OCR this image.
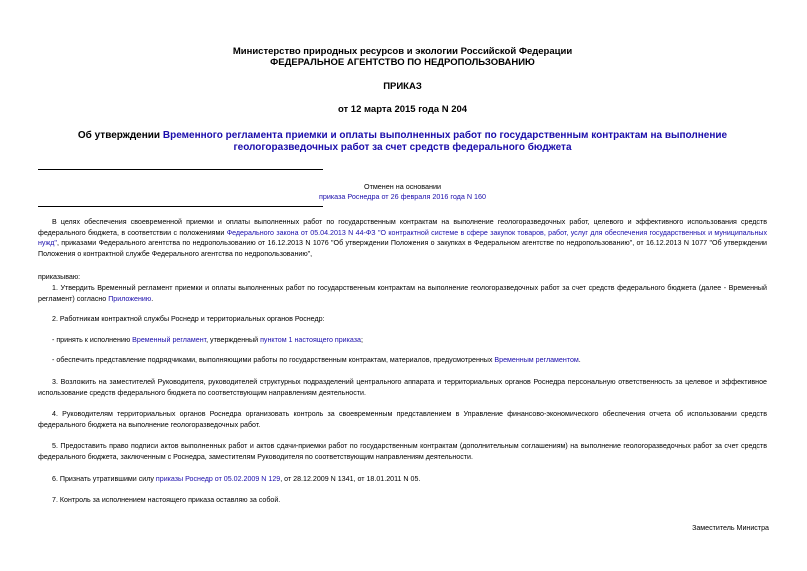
Министерство природных ресурсов и экологии Российской Федерации
ФЕДЕРАЛЬНОЕ АГЕНТСТВО ПО НЕДРОПОЛЬЗОВАНИЮ
ПРИКАЗ
от 12 марта 2015 года N 204
Об утверждении Временного регламента приемки и оплаты выполненных работ по государственным контрактам на выполнение геологоразведочных работ за счет средств федерального бюджета
Отменен на основании
приказа Роснедра от 26 февраля 2016 года N 160

В целях обеспечения своевременной приемки и оплаты выполненных работ по государственным контрактам на выполнение геологоразведочных работ, целевого и эффективного использования средств федерального бюджета, в соответствии с положениями Федерального закона от 05.04.2013 N 44-ФЗ "О контрактной системе в сфере закупок товаров, работ, услуг для обеспечения государственных и муниципальных нужд", приказами Федерального агентства по недропользованию от 16.12.2013 N 1076 "Об утверждении Положения о закупках в Федеральном агентстве по недропользованию", от 16.12.2013 N 1077 "Об утверждении Положения о контрактной службе Федерального агентства по недропользованию",

приказываю:

1. Утвердить Временный регламент приемки и оплаты выполненных работ по государственным контрактам на выполнение геологоразведочных работ за счет средств федерального бюджета (далее - Временный регламент) согласно Приложению.

2. Работникам контрактной службы Роснедр и территориальных органов Роснедр:

- принять к исполнению Временный регламент, утвержденный пунктом 1 настоящего приказа;

- обеспечить представление подрядчиками, выполняющими работы по государственным контрактам, материалов, предусмотренных Временным регламентом.

3. Возложить на заместителей Руководителя, руководителей структурных подразделений центрального аппарата и территориальных органов Роснедра персональную ответственность за целевое и эффективное использование средств федерального бюджета по соответствующим направлениям деятельности.

4. Руководителям территориальных органов Роснедра организовать контроль за своевременным представлением в Управление финансово-экономического обеспечения отчета об использовании средств федерального бюджета на выполнение геологоразведочных работ.

5. Предоставить право подписи актов выполненных работ и актов сдачи-приемки работ по государственным контрактам (дополнительным соглашениям) на выполнение геологоразведочных работ за счет средств федерального бюджета, заключенным с Роснедра, заместителям Руководителя по соответствующим направлениям деятельности.

6. Признать утратившими силу приказы Роснедр от 05.02.2009 N 129, от 28.12.2009 N 1341, от 18.01.2011 N 05.

7. Контроль за исполнением настоящего приказа оставляю за собой.

Заместитель Министра
